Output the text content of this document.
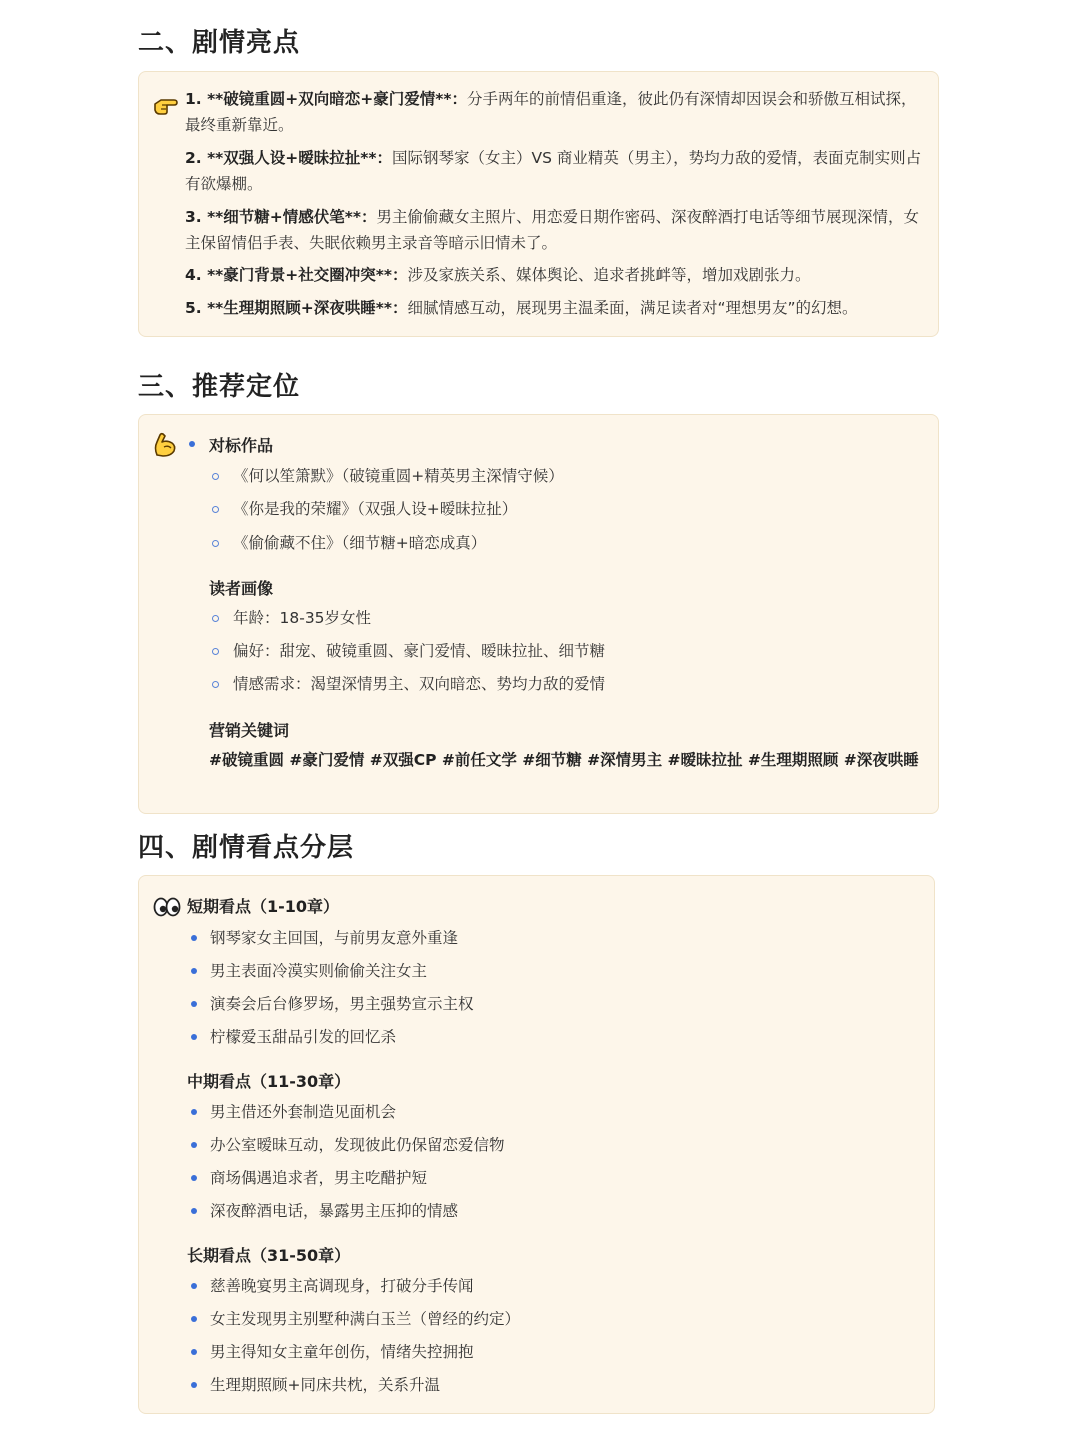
二、剧情亮点
1. **破镜重圆+双向暗恋+豪门爱情**：分手两年的前情侣重逢，彼此仍有深情却因误会和骄傲互相试探，最终重新靠近。
2. **双强人设+暧昧拉扯**：国际钢琴家（女主）VS 商业精英（男主），势均力敌的爱情，表面克制实则占有欲爆棚。
3. **细节糖+情感伏笔**：男主偷偷藏女主照片、用恋爱日期作密码、深夜醉酒打电话等细节展现深情，女主保留情侣手表、失眠依赖男主录音等暗示旧情未了。
4. **豪门背景+社交圈冲突**：涉及家族关系、媒体舆论、追求者挑衅等，增加戏剧张力。
5. **生理期照顾+深夜哄睡**：细腻情感互动，展现男主温柔面，满足读者对“理想男友”的幻想。
三、推荐定位
对标作品
《何以笙箫默》（破镜重圆+精英男主深情守候）
《你是我的荣耀》（双强人设+暧昧拉扯）
《偷偷藏不住》（细节糖+暗恋成真）
读者画像
年龄：18-35岁女性
偏好：甜宠、破镜重圆、豪门爱情、暧昧拉扯、细节糖
情感需求：渴望深情男主、双向暗恋、势均力敌的爱情
营销关键词
#破镜重圆 #豪门爱情 #双强CP #前任文学 #细节糖 #深情男主 #暧昧拉扯 #生理期照顾 #深夜哄睡
四、剧情看点分层
短期看点（1-10章）
钢琴家女主回国，与前男友意外重逢
男主表面冷漠实则偷偷关注女主
演奏会后台修罗场，男主强势宣示主权
柠檬爱玉甜品引发的回忆杀
中期看点（11-30章）
男主借还外套制造见面机会
办公室暧昧互动，发现彼此仍保留恋爱信物
商场偶遇追求者，男主吃醋护短
深夜醉酒电话，暴露男主压抑的情感
长期看点（31-50章）
慈善晚宴男主高调现身，打破分手传闻
女主发现男主别墅种满白玉兰（曾经的约定）
男主得知女主童年创伤，情绪失控拥抱
生理期照顾+同床共枕，关系升温
